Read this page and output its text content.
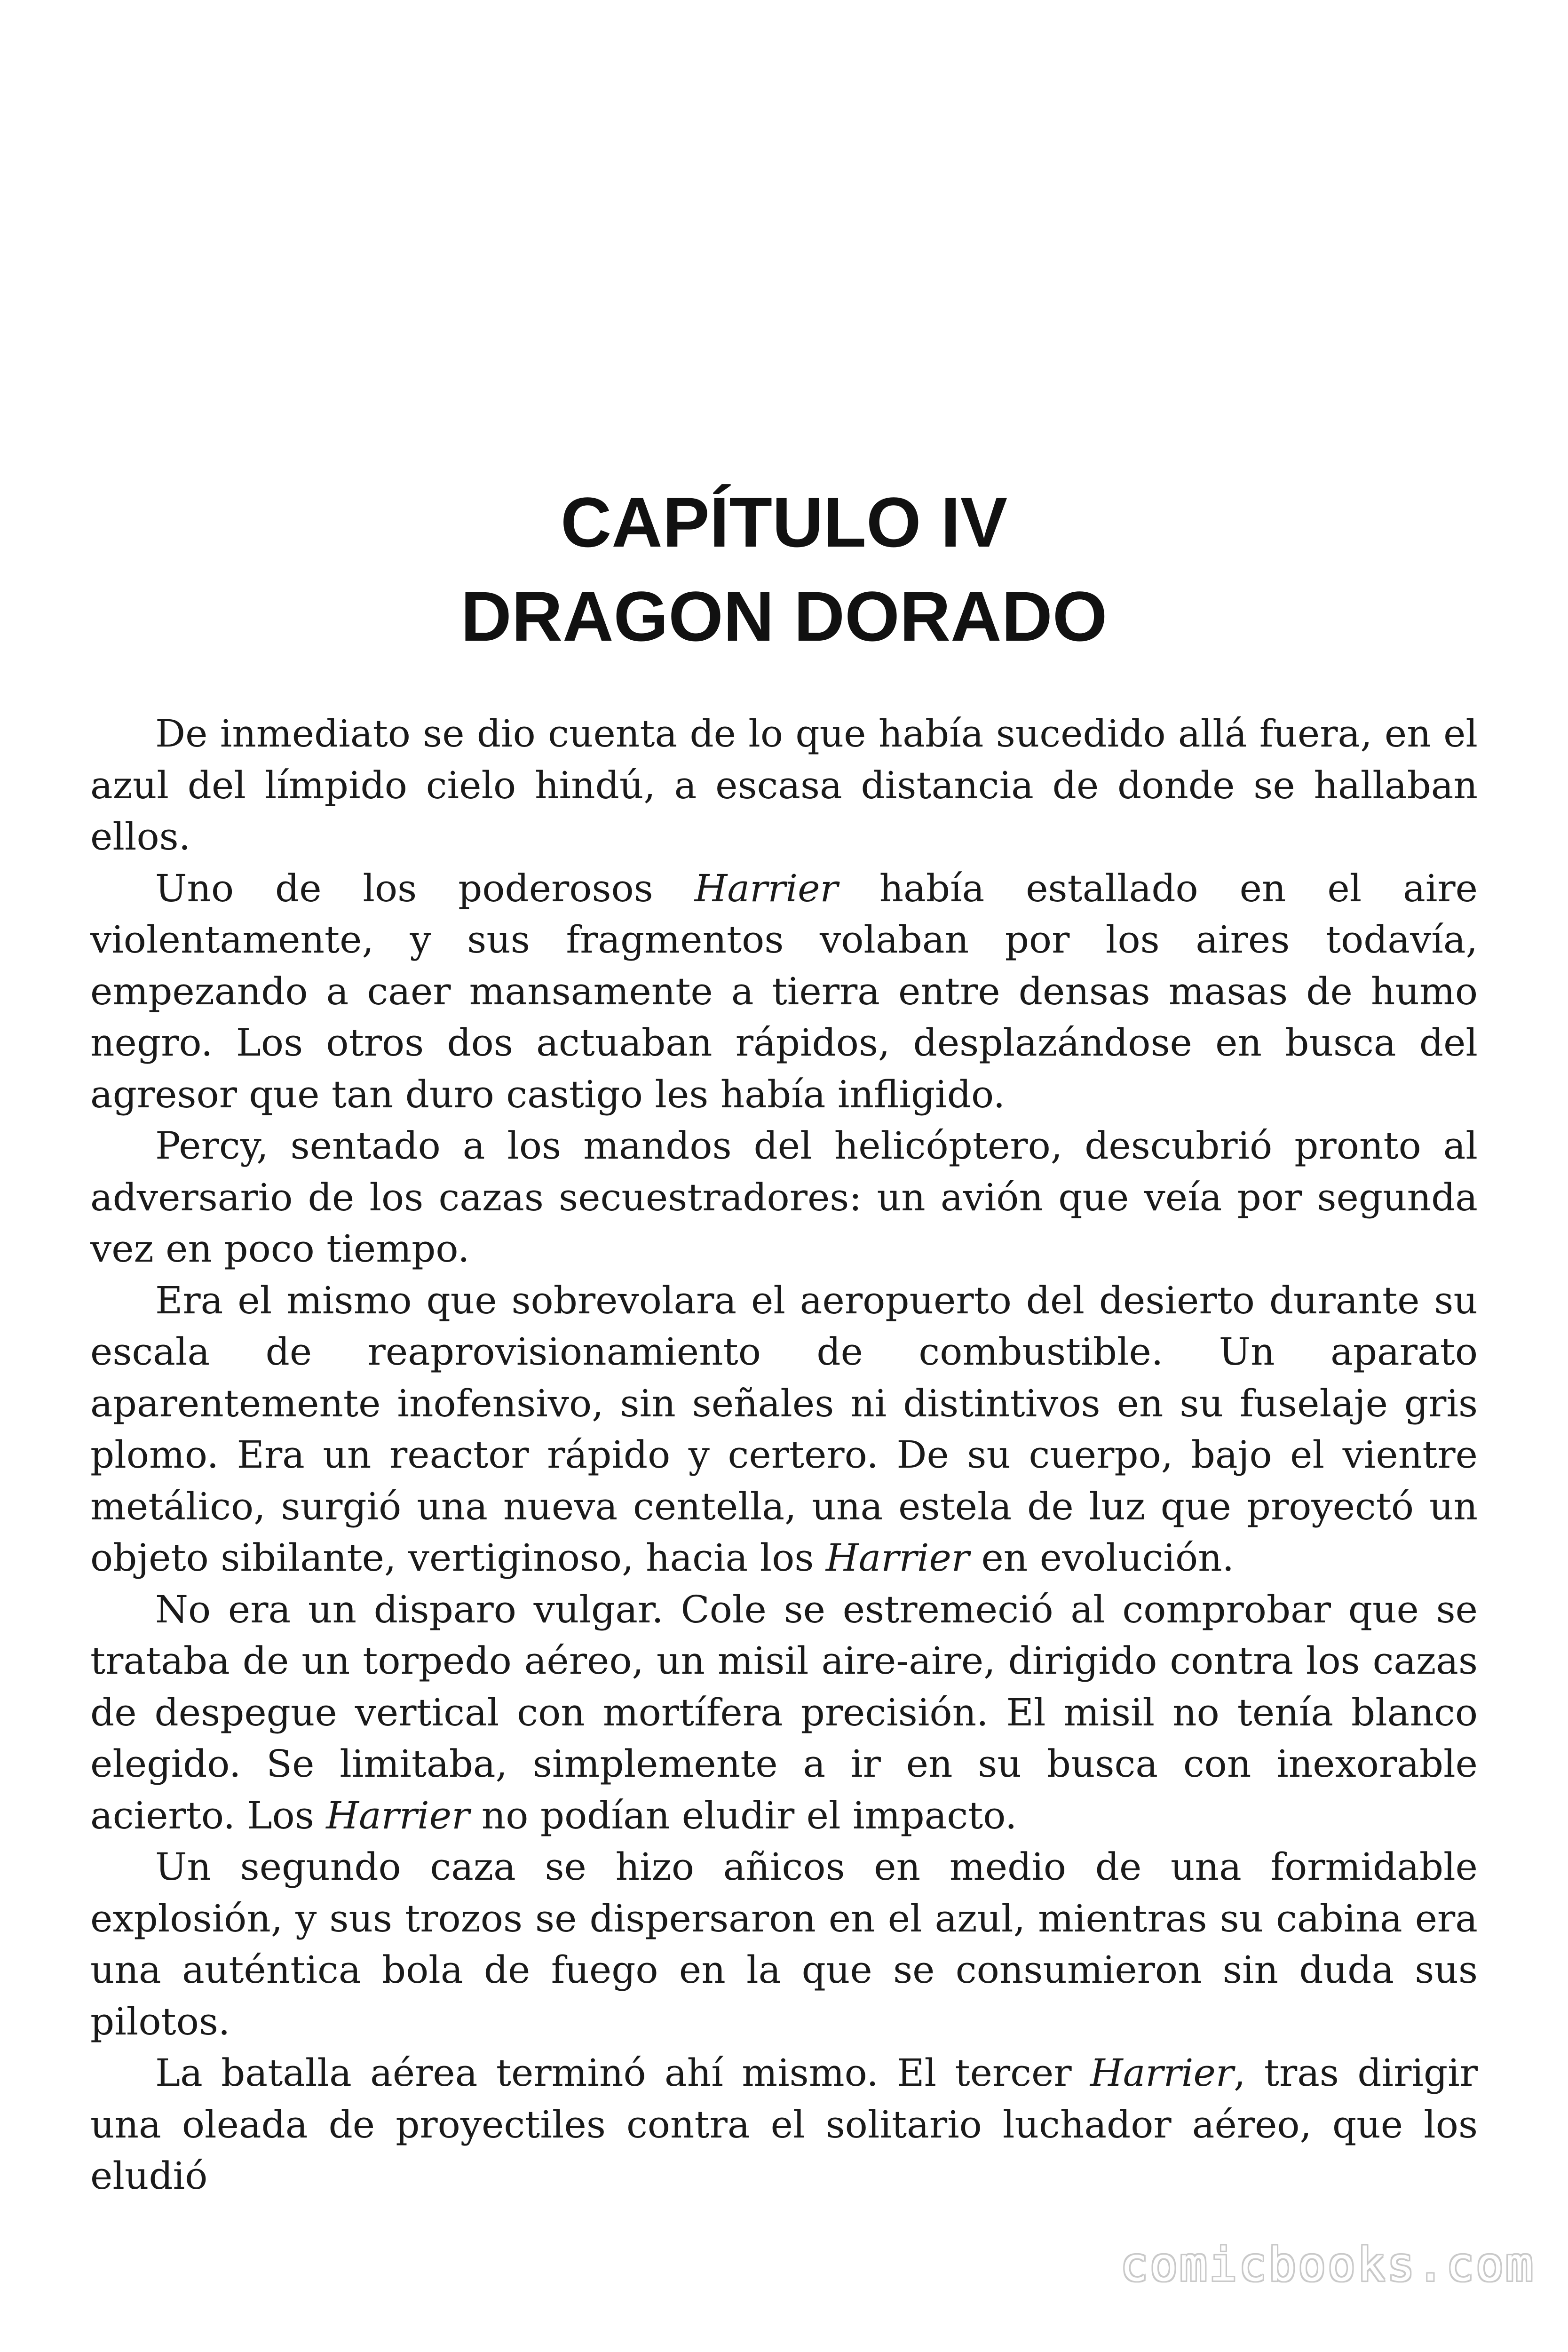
CAPÍTULO IV
DRAGON DORADO

De inmediato se dio cuenta de lo que había sucedido allá fuera, en el azul del límpido cielo hindú, a escasa distancia de donde se hallaban ellos.

Uno de los poderosos Harrier había estallado en el aire violentamente, y sus fragmentos volaban por los aires todavía, empezando a caer mansamente a tierra entre densas masas de humo negro. Los otros dos actuaban rápidos, desplazándose en busca del agresor que tan duro castigo les había infligido.

Percy, sentado a los mandos del helicóptero, descubrió pronto al adversario de los cazas secuestradores: un avión que veía por segunda vez en poco tiempo.

Era el mismo que sobrevolara el aeropuerto del desierto durante su escala de reaprovisionamiento de combustible. Un aparato aparentemente inofensivo, sin señales ni distintivos en su fuselaje gris plomo. Era un reactor rápido y certero. De su cuerpo, bajo el vientre metálico, surgió una nueva centella, una estela de luz que proyectó un objeto sibilante, vertiginoso, hacia los Harrier en evolución.

No era un disparo vulgar. Cole se estremeció al comprobar que se trataba de un torpedo aéreo, un misil aire-aire, dirigido contra los cazas de despegue vertical con mortífera precisión. El misil no tenía blanco elegido. Se limitaba, simplemente a ir en su busca con inexorable acierto. Los Harrier no podían eludir el impacto.

Un segundo caza se hizo añicos en medio de una formidable explosión, y sus trozos se dispersaron en el azul, mientras su cabina era una auténtica bola de fuego en la que se consumieron sin duda sus pilotos.

La batalla aérea terminó ahí mismo. El tercer Harrier, tras dirigir una oleada de proyectiles contra el solitario luchador aéreo, que los eludió

comicbooks.com
